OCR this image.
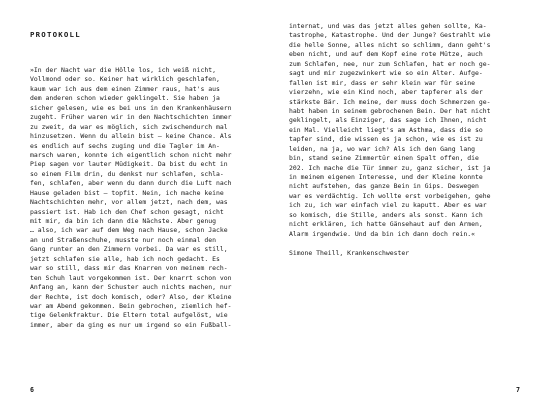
PROTOKOLL
»In der Nacht war die Hölle los, ich weiß nicht,
Vollmond oder so. Keiner hat wirklich geschlafen,
kaum war ich aus dem einen Zimmer raus, hat's aus
dem anderen schon wieder geklingelt. Sie haben ja
sicher gelesen, wie es bei uns in den Krankenhäusern
zugeht. Früher waren wir in den Nachtschichten immer
zu zweit, da war es möglich, sich zwischendurch mal
hinzusetzen. Wenn du allein bist – keine Chance. Als
es endlich auf sechs zuging und die Tagler im An-
marsch waren, konnte ich eigentlich schon nicht mehr
Piep sagen vor lauter Müdigkeit. Da bist du echt in
so einem Film drin, du denkst nur schlafen, schla-
fen, schlafen, aber wenn du dann durch die Luft nach
Hause geladen bist – topfit. Nein, ich mache keine
Nachtschichten mehr, vor allem jetzt, nach dem, was
passiert ist. Hab ich den Chef schon gesagt, nicht
mit mir, da bin ich dann die Nächste. Aber genug
… also, ich war auf dem Weg nach Hause, schon Jacke
an und Straßenschuhe, musste nur noch einmal den
Gang runter an den Zimmern vorbei. Da war es still,
jetzt schlafen sie alle, hab ich noch gedacht. Es
war so still, dass mir das Knarren von meinem rech-
ten Schuh laut vorgekommen ist. Der knarrt schon von
Anfang an, kann der Schuster auch nichts machen, nur
der Rechte, ist doch komisch, oder? Also, der Kleine
war am Abend gekommen. Bein gebrochen, ziemlich hef-
tige Gelenkfraktur. Die Eltern total aufgelöst, wie
immer, aber da ging es nur um irgend so ein Fußball-
6
internat, und was das jetzt alles gehen sollte, Ka-
tastrophe, Katastrophe. Und der Junge? Gestrahlt wie
die helle Sonne, alles nicht so schlimm, dann geht's
eben nicht, und auf dem Kopf eine rote Mütze, auch
zum Schlafen, nee, nur zum Schlafen, hat er noch ge-
sagt und mir zugezwinkert wie so ein Alter. Aufge-
fallen ist mir, dass er sehr klein war für seine
vierzehn, wie ein Kind noch, aber tapferer als der
stärkste Bär. Ich meine, der muss doch Schmerzen ge-
habt haben in seinem gebrochenen Bein. Der hat nicht
geklingelt, als Einziger, das sage ich Ihnen, nicht
ein Mal. Vielleicht liegt's am Asthma, dass die so
tapfer sind, die wissen es ja schon, wie es ist zu
leiden, na ja, wo war ich? Als ich den Gang lang
bin, stand seine Zimmertür einen Spalt offen, die
202. Ich mache die Tür immer zu, ganz sicher, ist ja
in meinem eigenen Interesse, und der Kleine konnte
nicht aufstehen, das ganze Bein in Gips. Deswegen
war es verdächtig. Ich wollte erst vorbeigehen, gehe
ich zu, ich war einfach viel zu kaputt. Aber es war
so komisch, die Stille, anders als sonst. Kann ich
nicht erklären, ich hatte Gänsehaut auf den Armen,
Alarm irgendwie. Und da bin ich dann doch rein.«
Simone Theill, Krankenschwester
7
